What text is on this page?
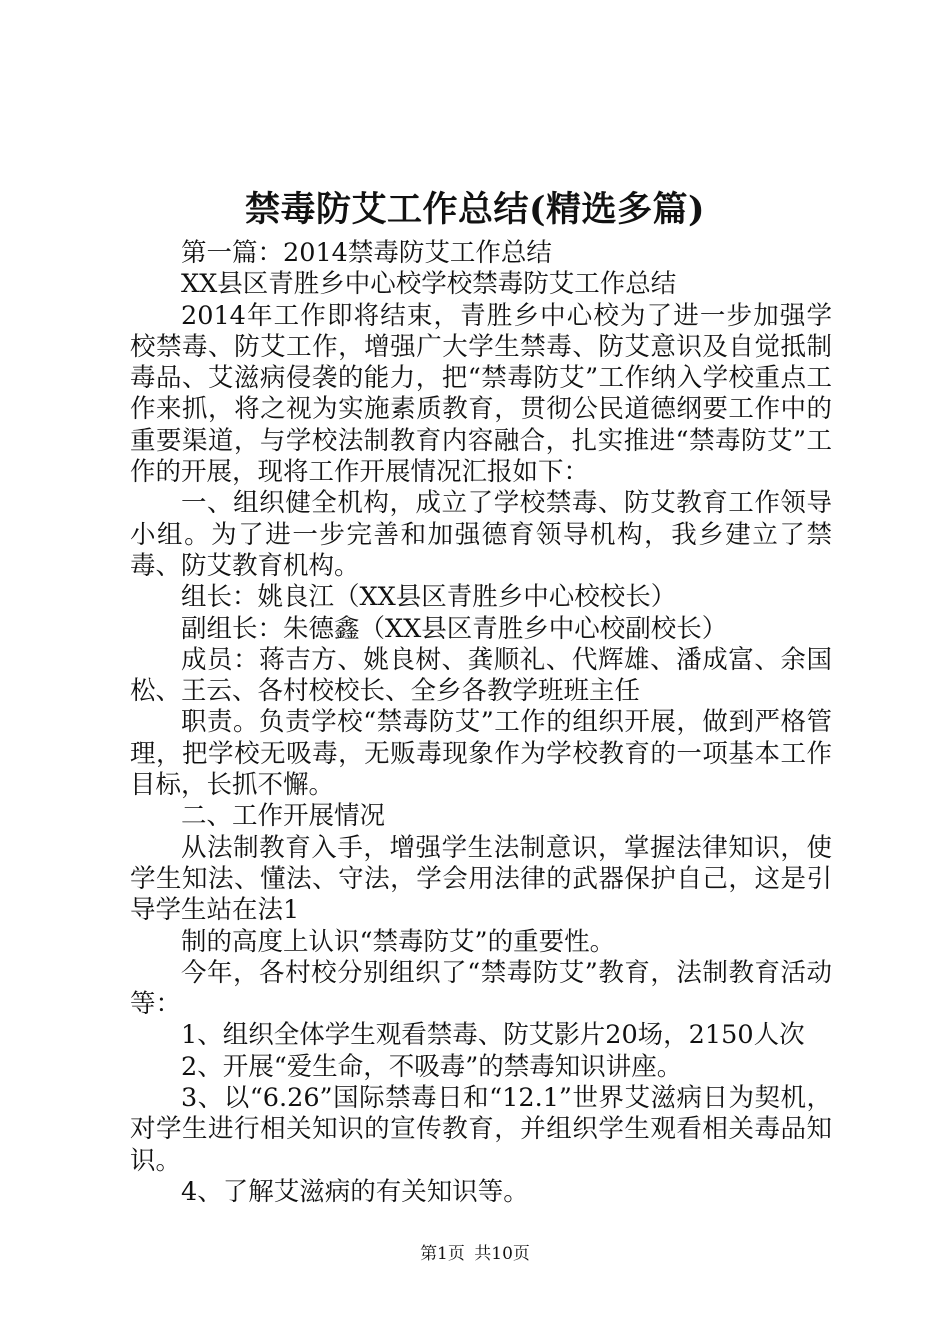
禁毒防艾工作总结(精选多篇)

第一篇：2014禁毒防艾工作总结

XX县区青胜乡中心校学校禁毒防艾工作总结

2014年工作即将结束，青胜乡中心校为了进一步加强学校禁毒、防艾工作，增强广大学生禁毒、防艾意识及自觉抵制毒品、艾滋病侵袭的能力，把“禁毒防艾”工作纳入学校重点工作来抓，将之视为实施素质教育，贯彻公民道德纲要工作中的重要渠道，与学校法制教育内容融合，扎实推进“禁毒防艾”工作的开展，现将工作开展情况汇报如下：

一、组织健全机构，成立了学校禁毒、防艾教育工作领导小组。为了进一步完善和加强德育领导机构，我乡建立了禁毒、防艾教育机构。

组长：姚良江（XX县区青胜乡中心校校长）

副组长：朱德鑫（XX县区青胜乡中心校副校长）

成员：蒋吉方、姚良树、龚顺礼、代辉雄、潘成富、余国松、王云、各村校校长、全乡各教学班班主任

职责。负责学校“禁毒防艾”工作的组织开展，做到严格管理，把学校无吸毒，无贩毒现象作为学校教育的一项基本工作目标，长抓不懈。

二、工作开展情况

从法制教育入手，增强学生法制意识，掌握法律知识，使学生知法、懂法、守法，学会用法律的武器保护自己，这是引导学生站在法1

制的高度上认识“禁毒防艾”的重要性。

今年，各村校分别组织了“禁毒防艾”教育，法制教育活动等：

1、组织全体学生观看禁毒、防艾影片20场，2150人次

2、开展“爱生命，不吸毒”的禁毒知识讲座。

3、以“6.26”国际禁毒日和“12.1”世界艾滋病日为契机，对学生进行相关知识的宣传教育，并组织学生观看相关毒品知识。

4、了解艾滋病的有关知识等。

第1页 共10页
